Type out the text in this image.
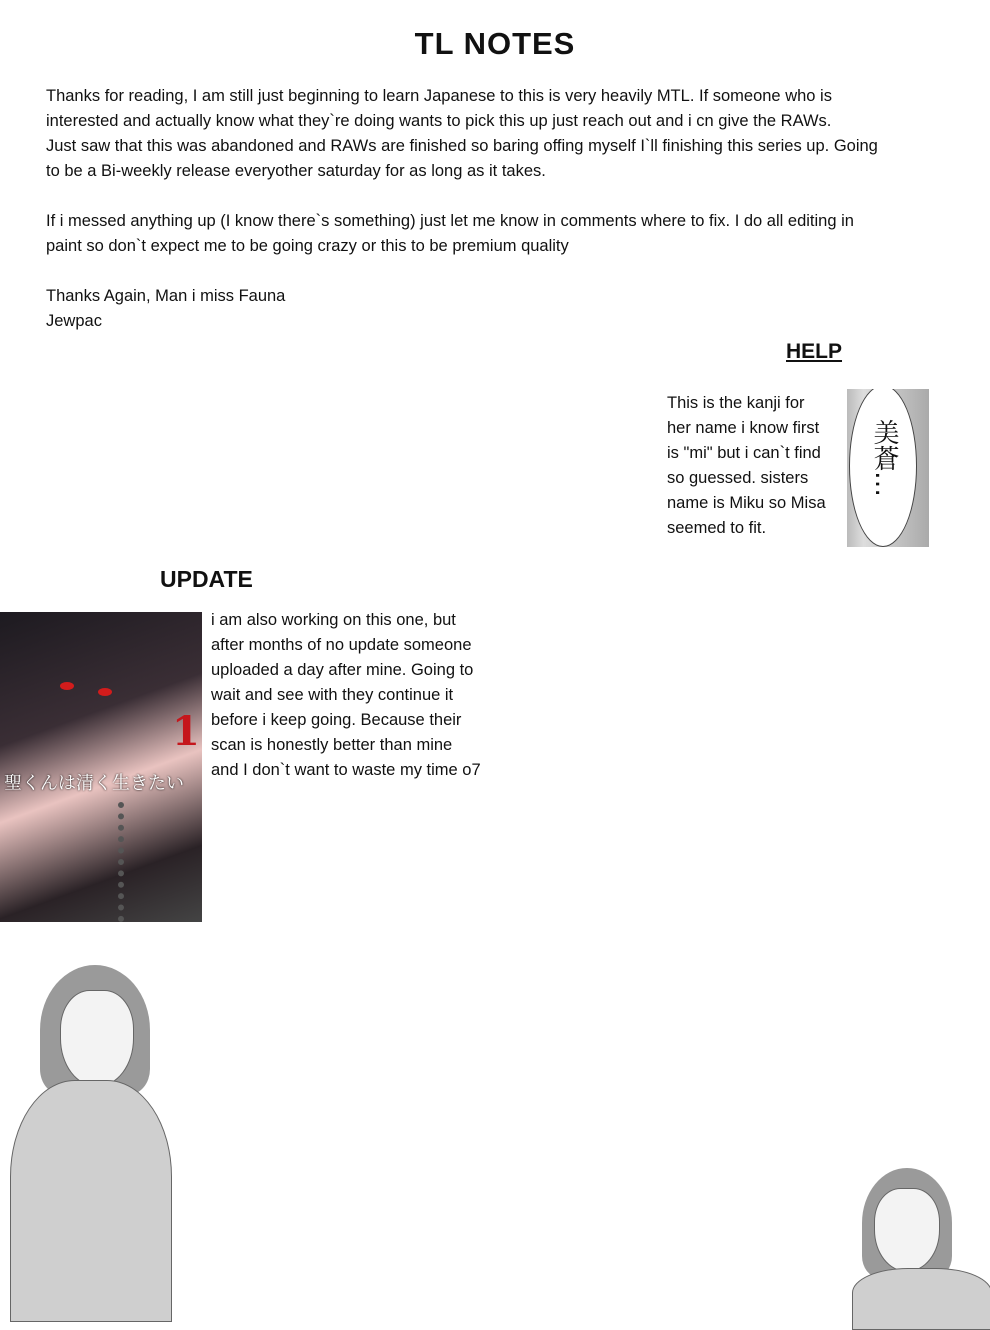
TL NOTES
Thanks for reading, I am still just beginning to learn Japanese to this is very heavily MTL. If someone who is
interested and actually know what they`re doing wants to pick this up just reach out and i cn give the RAWs.
Just saw that this was abandoned and RAWs are finished so baring offing myself I`ll finishing this series up. Going
to be a Bi-weekly release everyother saturday for as long as it takes.
If i messed anything up (I know there`s something) just let me know in comments where to fix. I do all editing in
paint so don`t expect me to be going crazy or this to be premium quality
Thanks Again, Man i miss Fauna
Jewpac
HELP
This is the kanji for her name i know first is "mi" but i can`t find so guessed. sisters name is Miku so Misa seemed to fit.
美蒼…
UPDATE
1
聖くんは清く生きたい
i am also working on this one, but after months of no update someone uploaded a day after mine. Going to wait and see with they continue it before i keep going. Because their scan is honestly better than mine and I don`t want to waste my time o7
